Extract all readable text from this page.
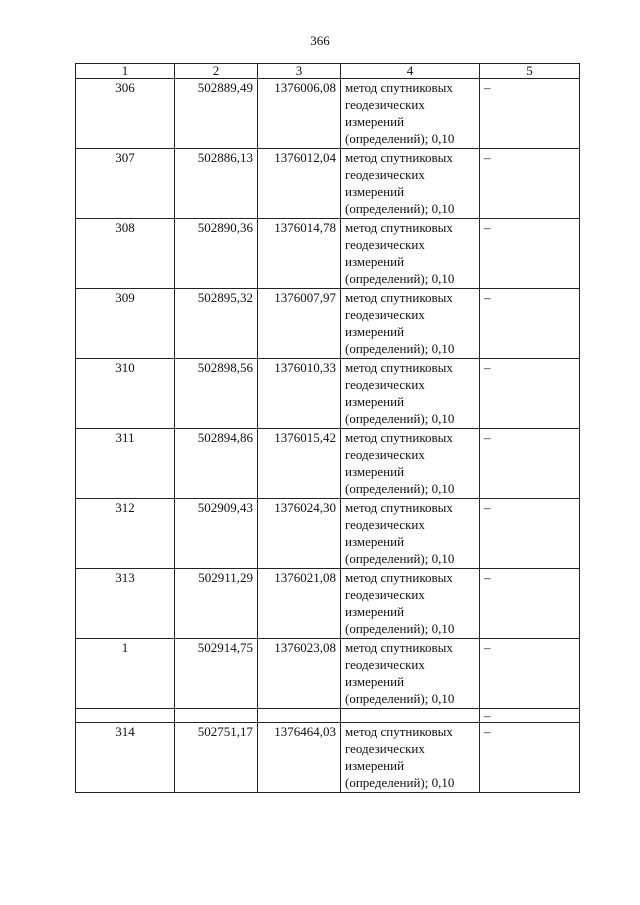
366
1	2	3	4	5
306	502889,49	1376006,08	метод спутниковых
геодезических
измерений
(определений); 0,10	–
307	502886,13	1376012,04	метод спутниковых
геодезических
измерений
(определений); 0,10	–
308	502890,36	1376014,78	метод спутниковых
геодезических
измерений
(определений); 0,10	–
309	502895,32	1376007,97	метод спутниковых
геодезических
измерений
(определений); 0,10	–
310	502898,56	1376010,33	метод спутниковых
геодезических
измерений
(определений); 0,10	–
311	502894,86	1376015,42	метод спутниковых
геодезических
измерений
(определений); 0,10	–
312	502909,43	1376024,30	метод спутниковых
геодезических
измерений
(определений); 0,10	–
313	502911,29	1376021,08	метод спутниковых
геодезических
измерений
(определений); 0,10	–
1	502914,75	1376023,08	метод спутниковых
геодезических
измерений
(определений); 0,10	–
				–
314	502751,17	1376464,03	метод спутниковых
геодезических
измерений
(определений); 0,10	–
